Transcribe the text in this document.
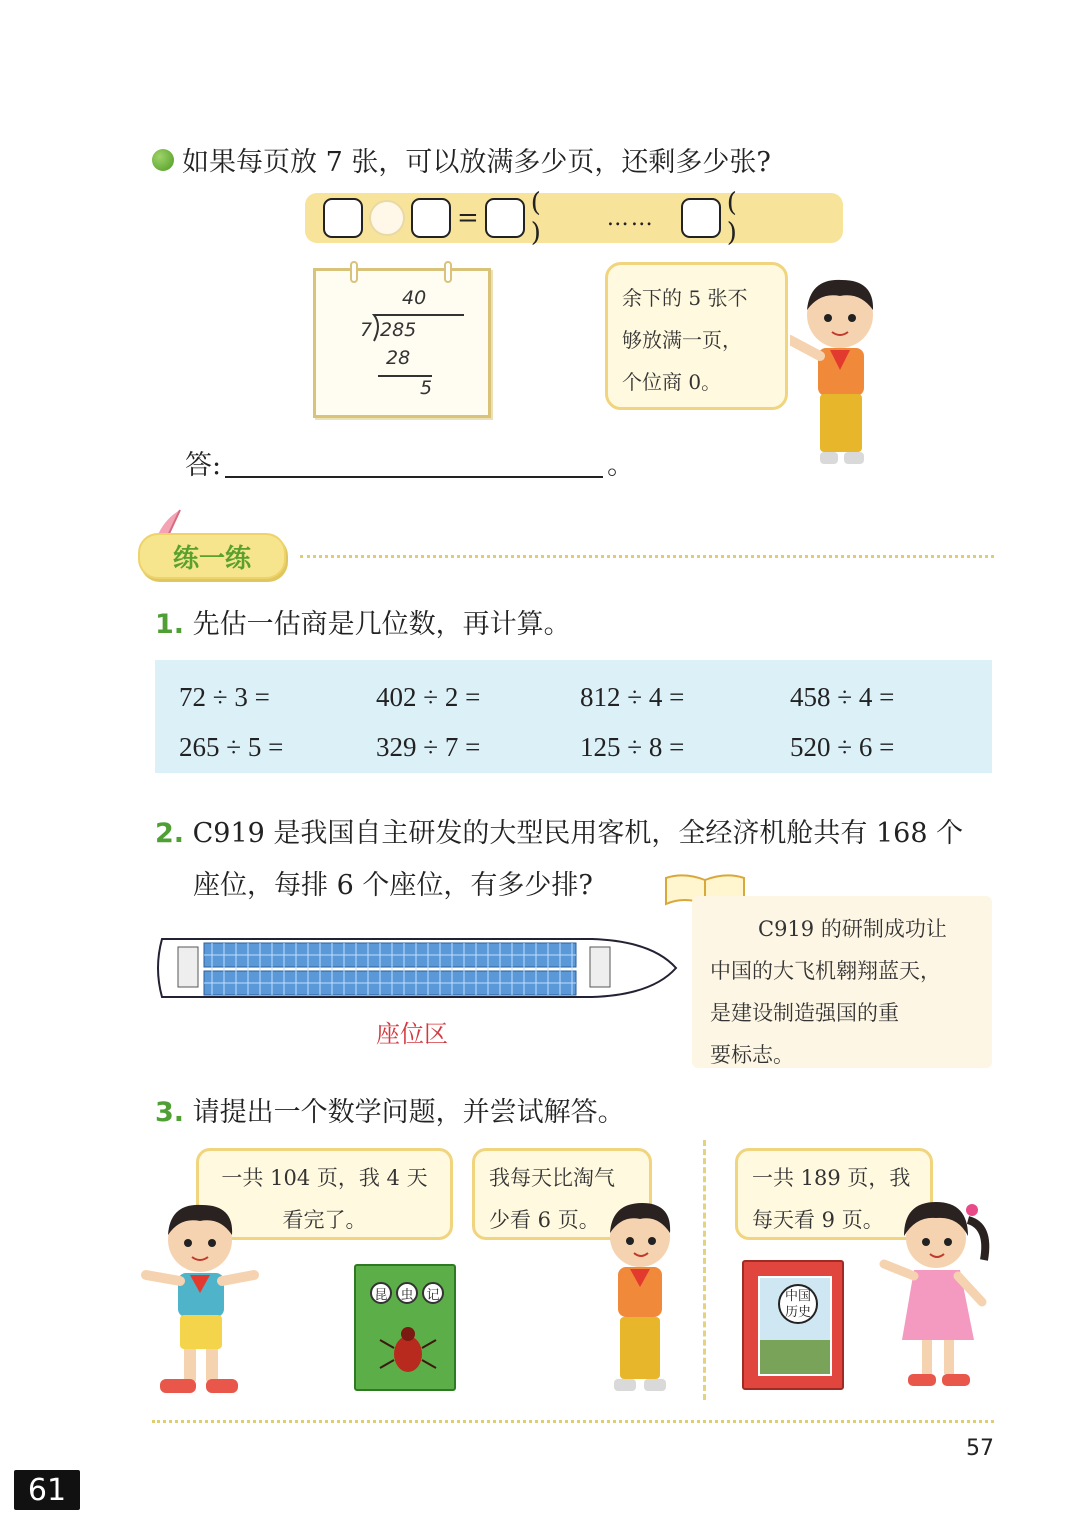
如果每页放 7 张，可以放满多少页，还剩多少张?
= ( )	……	( )
40
7 285
28
5
余下的 5 张不
够放满一页，
个位商 0。
答:	。
练一练
1. 先估一估商是几位数，再计算。
72 ÷ 3 =	402 ÷ 2 =	812 ÷ 4 =	458 ÷ 4 =
265 ÷ 5 =	329 ÷ 7 =	125 ÷ 8 =	520 ÷ 6 =
2. C919 是我国自主研发的大型民用客机，全经济机舱共有 168 个
座位，每排 6 个座位，有多少排?
座位区
C919 的研制成功让
中国的大飞机翱翔蓝天，
是建设制造强国的重
要标志。
3. 请提出一个数学问题，并尝试解答。
一共 104 页，我 4 天
看完了。
我每天比淘气
少看 6 页。
一共 189 页，我
每天看 9 页。
昆 虫 记	中国
历史
57
61
